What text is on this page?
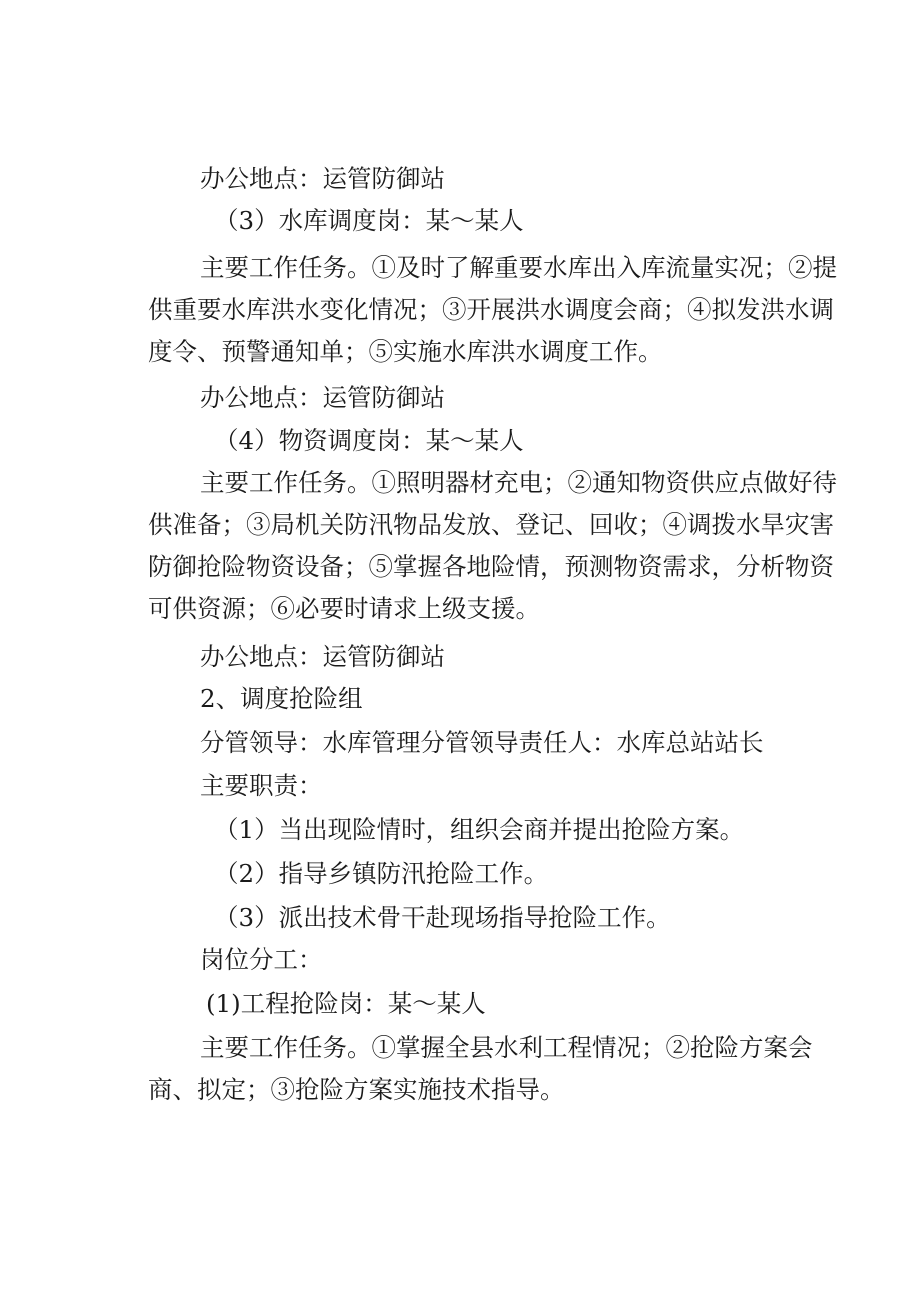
办公地点：运管防御站
（3）水库调度岗：某～某人
主要工作任务。①及时了解重要水库出入库流量实况；②提
供重要水库洪水变化情况；③开展洪水调度会商；④拟发洪水调
度令、预警通知单；⑤实施水库洪水调度工作。
办公地点：运管防御站
（4）物资调度岗：某～某人
主要工作任务。①照明器材充电；②通知物资供应点做好待
供准备；③局机关防汛物品发放、登记、回收；④调拨水旱灾害
防御抢险物资设备；⑤掌握各地险情，预测物资需求，分析物资
可供资源；⑥必要时请求上级支援。
办公地点：运管防御站
2、调度抢险组
分管领导：水库管理分管领导责任人：水库总站站长
主要职责：
（1）当出现险情时，组织会商并提出抢险方案。
（2）指导乡镇防汛抢险工作。
（3）派出技术骨干赴现场指导抢险工作。
岗位分工：
(1)工程抢险岗：某～某人
主要工作任务。①掌握全县水利工程情况；②抢险方案会
商、拟定；③抢险方案实施技术指导。
